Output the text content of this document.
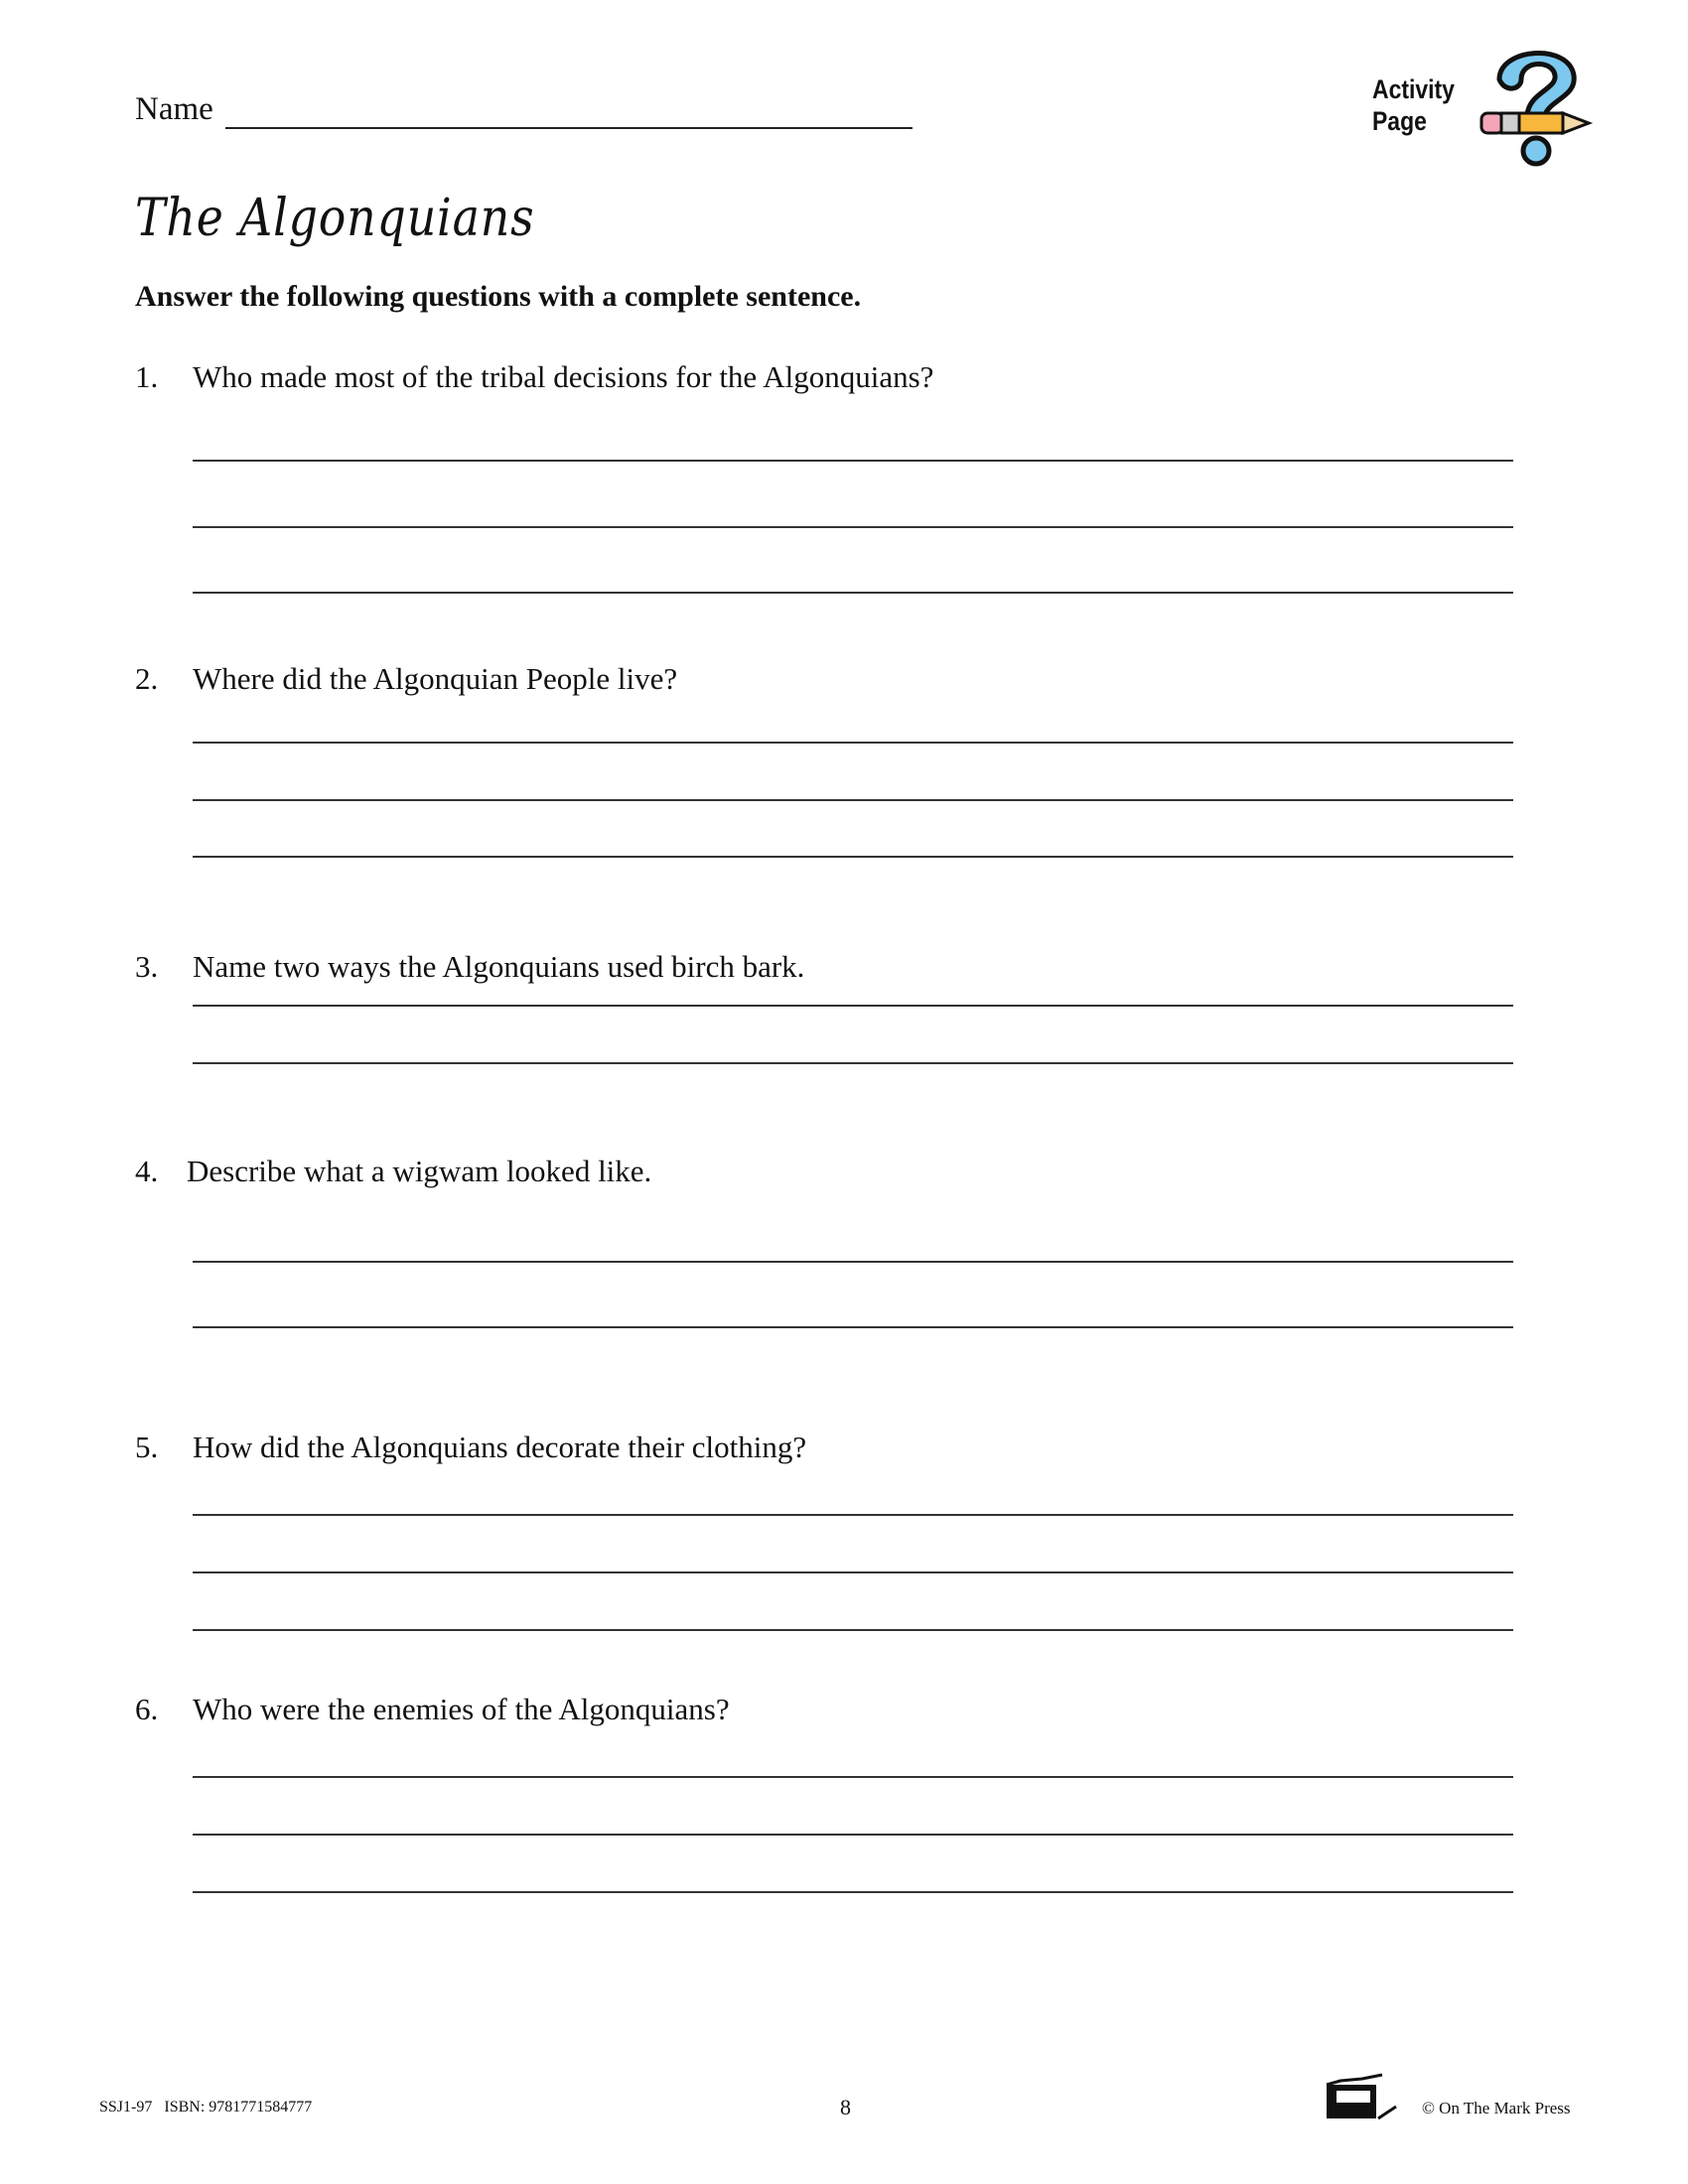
Name
Activity
Page
The Algonquians
Answer the following questions with a complete sentence.
1. Who made most of the tribal decisions for the Algonquians?
2. Where did the Algonquian People live?
3. Name two ways the Algonquians used birch bark.
4. Describe what a wigwam looked like.
5. How did the Algonquians decorate their clothing?
6. Who were the enemies of the Algonquians?
SSJ1-97 ISBN: 9781771584777	8	© On The Mark Press
